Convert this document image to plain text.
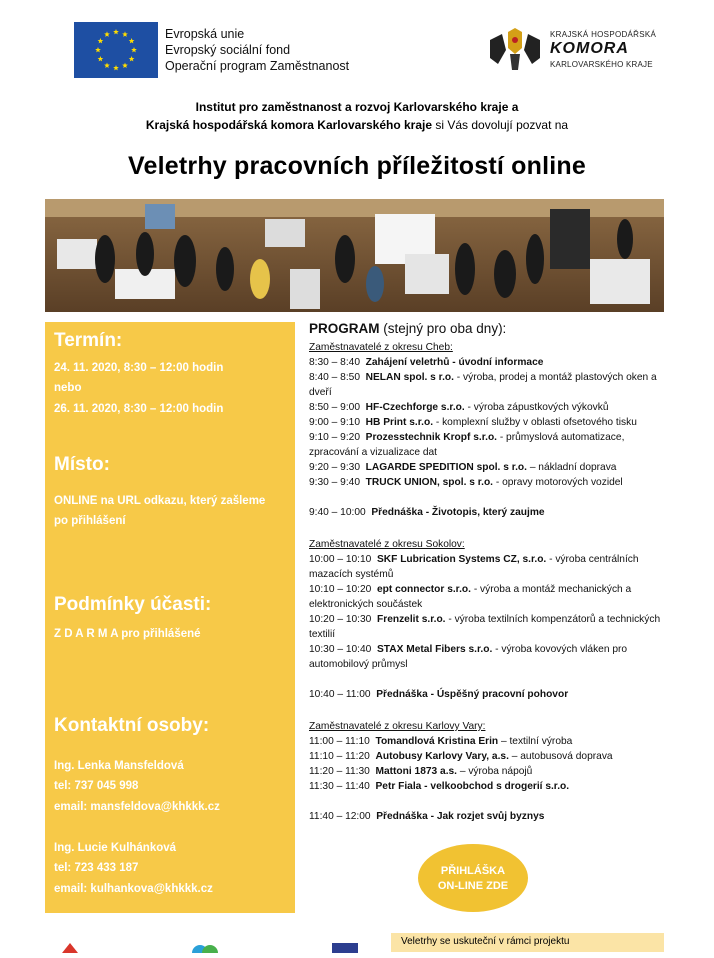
Evropská unie
Evropský sociální fond
Operační program Zaměstnanost
KRAJSKÁ HOSPODÁŘSKÁ
KOMORA
KARLOVARSKÉHO KRAJE
Institut pro zaměstnanost a rozvoj Karlovarského kraje a
Krajská hospodářská komora Karlovarského kraje si Vás dovolují pozvat na
Veletrhy pracovních příležitostí online
Termín:
24. 11. 2020, 8:30 – 12:00 hodin
nebo
26. 11. 2020, 8:30 – 12:00 hodin
Místo:
ONLINE na URL odkazu, který zašleme
po přihlášení
Podmínky účasti:
Z D A R M A pro přihlášené
Kontaktní osoby:
Ing. Lenka Mansfeldová
tel: 737 045 998
email: mansfeldova@khkkk.cz
Ing. Lucie Kulhánková
tel: 723 433 187
email: kulhankova@khkkk.cz
PROGRAM (stejný pro oba dny):
Zaměstnavatelé z okresu Cheb:
8:30 – 8:40 Zahájení veletrhů - úvodní informace
8:40 – 8:50 NELAN spol. s r.o. - výroba, prodej a montáž plastových oken a dveří
8:50 – 9:00 HF-Czechforge s.r.o. - výroba zápustkových výkovků
9:00 – 9:10 HB Print s.r.o. - komplexní služby v oblasti ofsetového tisku
9:10 – 9:20 Prozesstechnik Kropf s.r.o. - průmyslová automatizace, zpracování a vizualizace dat
9:20 – 9:30 LAGARDE SPEDITION spol. s r.o. – nákladní doprava
9:30 – 9:40 TRUCK UNION, spol. s r.o. - opravy motorových vozidel
9:40 – 10:00 Přednáška - Životopis, který zaujme
Zaměstnavatelé z okresu Sokolov:
10:00 – 10:10 SKF Lubrication Systems CZ, s.r.o. - výroba centrálních mazacích systémů
10:10 – 10:20 ept connector s.r.o. - výroba a montáž mechanických a elektronických součástek
10:20 – 10:30 Frenzelit s.r.o. - výroba textilních kompenzátorů a technických textilií
10:30 – 10:40 STAX Metal Fibers s.r.o. - výroba kovových vláken pro automobilový průmysl
10:40 – 11:00 Přednáška - Úspěšný pracovní pohovor
Zaměstnavatelé z okresu Karlovy Vary:
11:00 – 11:10 Tomandlová Kristina Erin – textilní výroba
11:10 – 11:20 Autobusy Karlovy Vary, a.s. – autobusová doprava
11:20 – 11:30 Mattoni 1873 a.s. – výroba nápojů
11:30 – 11:40 Petr Fiala - velkoobchod s drogerií s.r.o.
11:40 – 12:00 Přednáška - Jak rozjet svůj byznys
PŘIHLÁŠKA
ON-LINE ZDE
Veletrhy se uskuteční v rámci projektu
